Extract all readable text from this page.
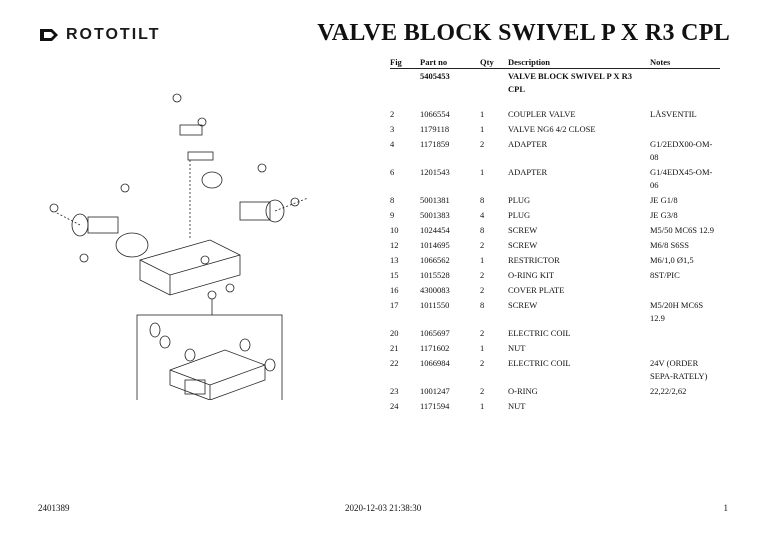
ROTOTILT	VALVE BLOCK SWIVEL P X R3 CPL
Fig	Part no	Qty	Description	Notes
	5405453		VALVE BLOCK SWIVEL P X R3 CPL	

2	1066554	1	COUPLER VALVE	LÅSVENTIL
3	1179118	1	VALVE NG6 4/2 CLOSE	
4	1171859	2	ADAPTER	G1/2EDX00-OM-08
6	1201543	1	ADAPTER	G1/4EDX45-OM-06
8	5001381	8	PLUG	JE G1/8
9	5001383	4	PLUG	JE G3/8
10	1024454	8	SCREW	M5/50 MC6S 12.9
12	1014695	2	SCREW	M6/8 S6SS
13	1066562	1	RESTRICTOR	M6/1,0 Ø1,5
15	1015528	2	O-RING KIT	8ST/PIC
16	4300083	2	COVER PLATE	
17	1011550	8	SCREW	M5/20H MC6S 12.9
20	1065697	2	ELECTRIC COIL	
21	1171602	1	NUT	
22	1066984	2	ELECTRIC COIL	24V (ORDER SEPA-RATELY)
23	1001247	2	O-RING	22,22/2,62
24	1171594	1	NUT	
2401389	2020-12-03 21:38:30	1
